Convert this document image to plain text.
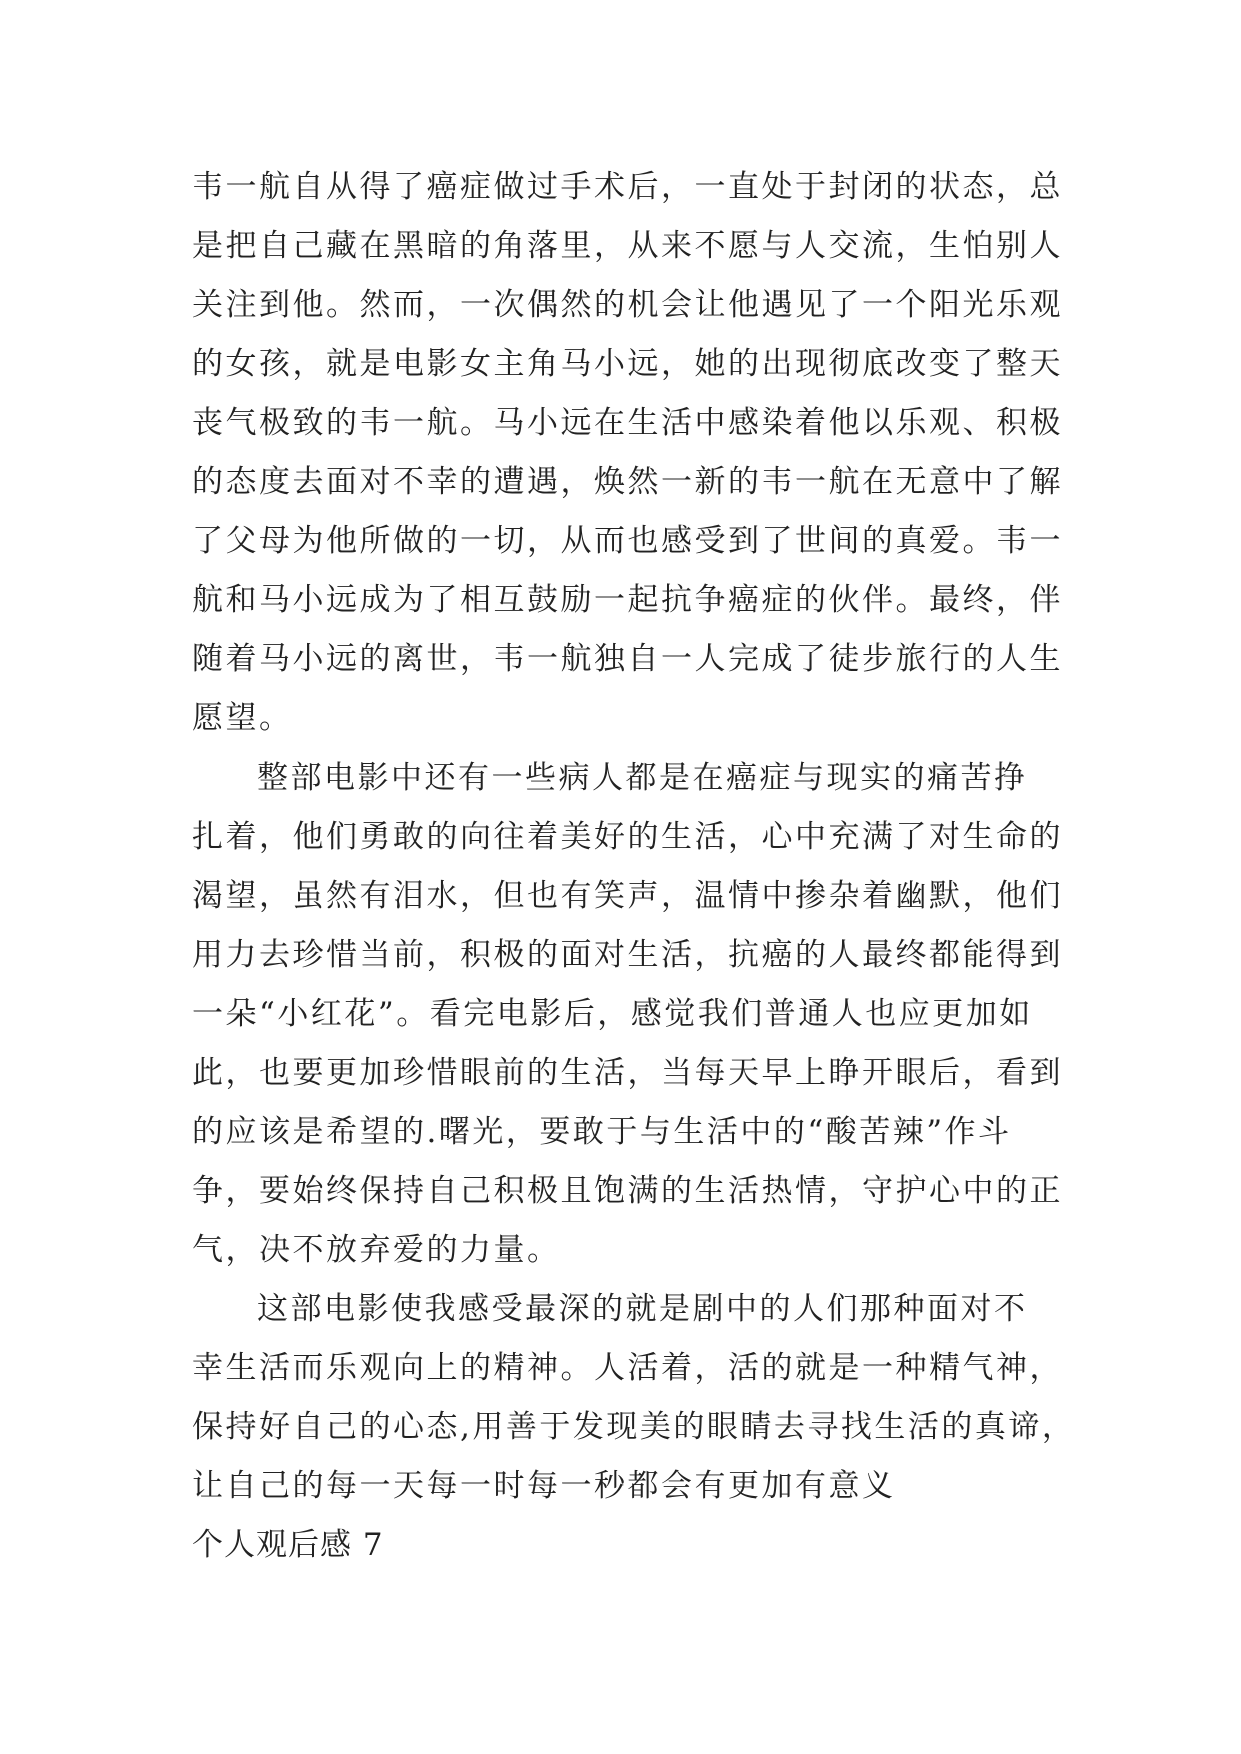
韦一航自从得了癌症做过手术后，一直处于封闭的状态，总
是把自己藏在黑暗的角落里，从来不愿与人交流，生怕别人
关注到他。然而，一次偶然的机会让他遇见了一个阳光乐观
的女孩，就是电影女主角马小远，她的出现彻底改变了整天
丧气极致的韦一航。马小远在生活中感染着他以乐观、积极
的态度去面对不幸的遭遇，焕然一新的韦一航在无意中了解
了父母为他所做的一切，从而也感受到了世间的真爱。韦一
航和马小远成为了相互鼓励一起抗争癌症的伙伴。最终，伴
随着马小远的离世，韦一航独自一人完成了徒步旅行的人生
愿望。
整部电影中还有一些病人都是在癌症与现实的痛苦挣
扎着，他们勇敢的向往着美好的生活，心中充满了对生命的
渴望，虽然有泪水，但也有笑声，温情中掺杂着幽默，他们
用力去珍惜当前，积极的面对生活，抗癌的人最终都能得到
一朵“小红花”。看完电影后，感觉我们普通人也应更加如
此，也要更加珍惜眼前的生活，当每天早上睁开眼后，看到
的应该是希望的.曙光，要敢于与生活中的“酸苦辣”作斗
争，要始终保持自己积极且饱满的生活热情，守护心中的正
气，决不放弃爱的力量。
这部电影使我感受最深的就是剧中的人们那种面对不
幸生活而乐观向上的精神。人活着，活的就是一种精气神，
保持好自己的心态,用善于发现美的眼睛去寻找生活的真谛，
让自己的每一天每一时每一秒都会有更加有意义
个人观后感 7
